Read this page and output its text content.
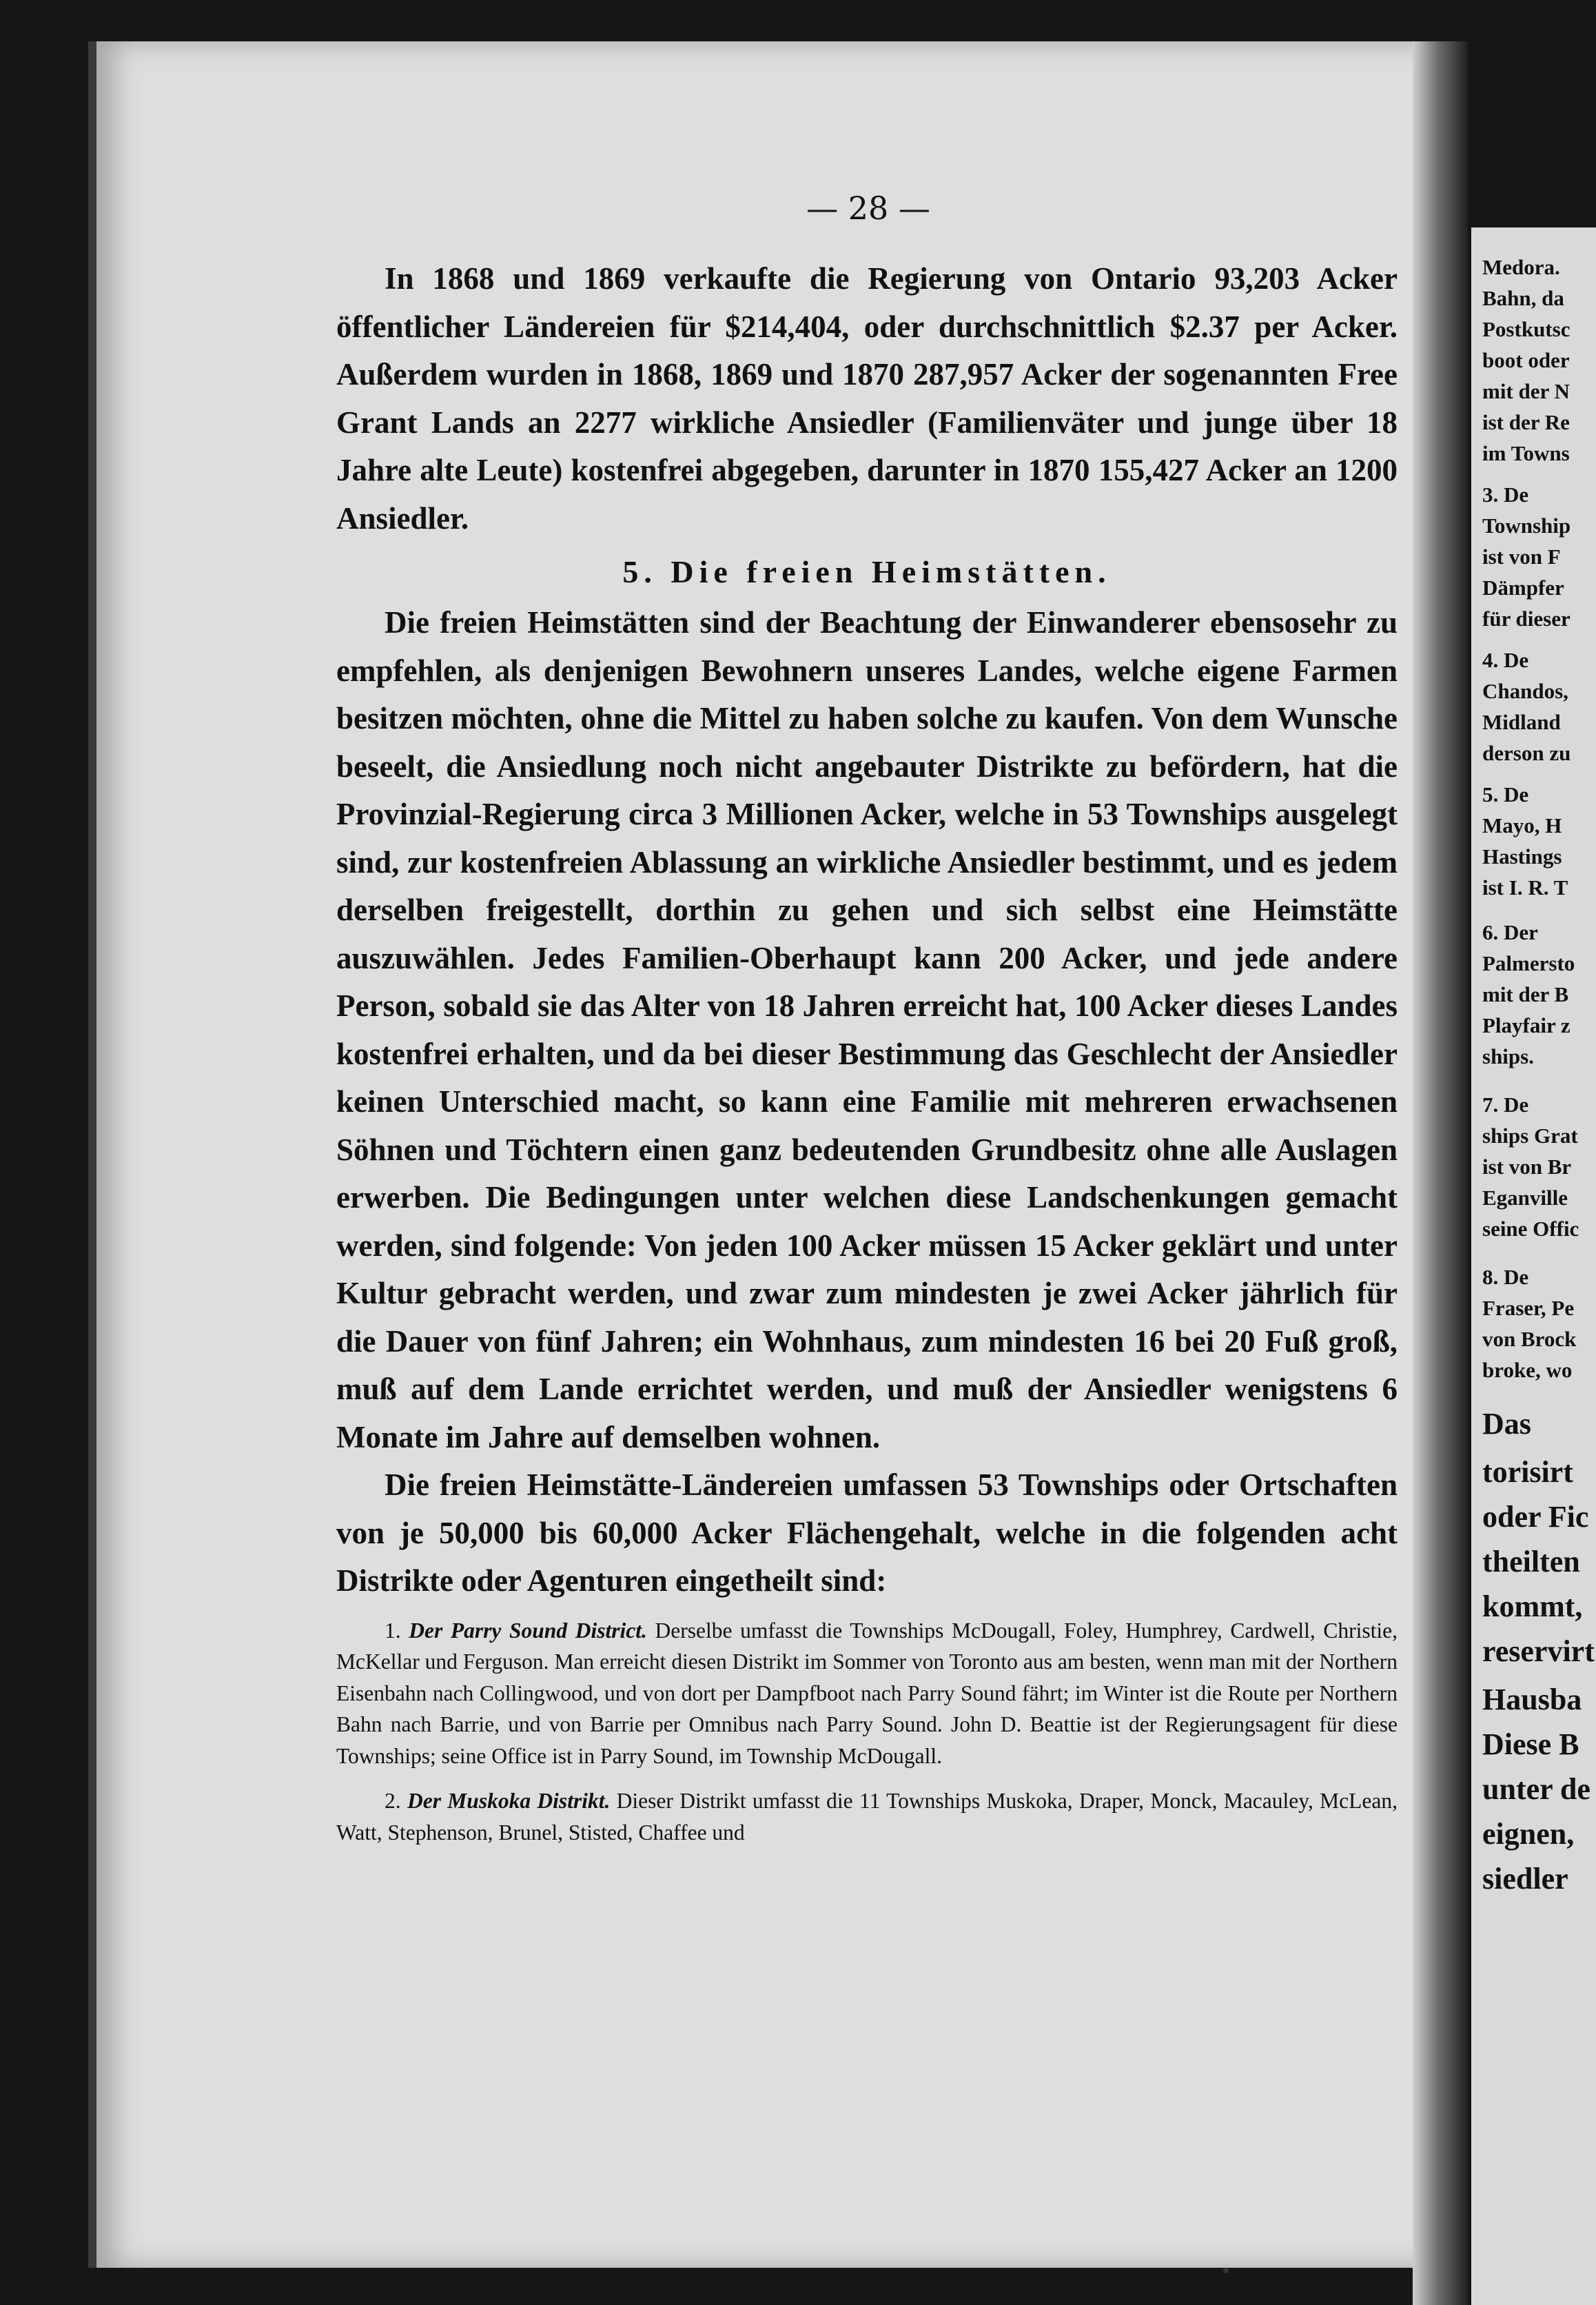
— 28 —

In 1868 und 1869 verkaufte die Regierung von Ontario 93,203 Acker öffentlicher Ländereien für $214,404, oder durchschnittlich $2.37 per Acker. Außerdem wurden in 1868, 1869 und 1870 287,957 Acker der sogenannten Free Grant Lands an 2277 wirkliche Ansiedler (Familienväter und junge über 18 Jahre alte Leute) kostenfrei abgegeben, darunter in 1870 155,427 Acker an 1200 Ansiedler.

5. Die freien Heimstätten.

Die freien Heimstätten sind der Beachtung der Einwanderer ebensosehr zu empfehlen, als denjenigen Bewohnern unseres Landes, welche eigene Farmen besitzen möchten, ohne die Mittel zu haben solche zu kaufen. Von dem Wunsche beseelt, die Ansiedlung noch nicht angebauter Distrikte zu befördern, hat die Provinzial-Regierung circa 3 Millionen Acker, welche in 53 Townships ausgelegt sind, zur kostenfreien Ablassung an wirkliche Ansiedler bestimmt, und es jedem derselben freigestellt, dorthin zu gehen und sich selbst eine Heimstätte auszuwählen. Jedes Familien-Oberhaupt kann 200 Acker, und jede andere Person, sobald sie das Alter von 18 Jahren erreicht hat, 100 Acker dieses Landes kostenfrei erhalten, und da bei dieser Bestimmung das Geschlecht der Ansiedler keinen Unterschied macht, so kann eine Familie mit mehreren erwachsenen Söhnen und Töchtern einen ganz bedeutenden Grundbesitz ohne alle Auslagen erwerben. Die Bedingungen unter welchen diese Landschenkungen gemacht werden, sind folgende: Von jeden 100 Acker müssen 15 Acker geklärt und unter Kultur gebracht werden, und zwar zum mindesten je zwei Acker jährlich für die Dauer von fünf Jahren; ein Wohnhaus, zum mindesten 16 bei 20 Fuß groß, muß auf dem Lande errichtet werden, und muß der Ansiedler wenigstens 6 Monate im Jahre auf demselben wohnen.

Die freien Heimstätte-Ländereien umfassen 53 Townships oder Ortschaften von je 50,000 bis 60,000 Acker Flächengehalt, welche in die folgenden acht Distrikte oder Agenturen eingetheilt sind:

1. Der Parry Sound District. Derselbe umfasst die Townships McDougall, Foley, Humphrey, Cardwell, Christie, McKellar und Ferguson. Man erreicht diesen Distrikt im Sommer von Toronto aus am besten, wenn man mit der Northern Eisenbahn nach Collingwood, und von dort per Dampfboot nach Parry Sound fährt; im Winter ist die Route per Northern Bahn nach Barrie, und von Barrie per Omnibus nach Parry Sound. John D. Beattie ist der Regierungsagent für diese Townships; seine Office ist in Parry Sound, im Township McDougall.

2. Der Muskoka Distrikt. Dieser Distrikt umfasst die 11 Townships Muskoka, Draper, Monck, Macauley, McLean, Watt, Stephenson, Brunel, Stisted, Chaffee und

Medora.
Bahn, da
Postkutsc
boot oder
mit der N
ist der Re
im Towns
3. De
Township
ist von F
Dämpfer
für dieser
4. De
Chandos,
Midland
derson zu
5. De
Mayo, H
Hastings
ist I. R. T
6. Der
Palmersto
mit der B
Playfair z
ships.
7. De
ships Grat
ist von Br
Eganville
seine Offic
8. De
Fraser, Pe
von Brock
broke, wo
Das
torisirt
oder Fic
theilten
kommt,
reservirt
Hausba
Diese B
unter de
eignen,
siedler
